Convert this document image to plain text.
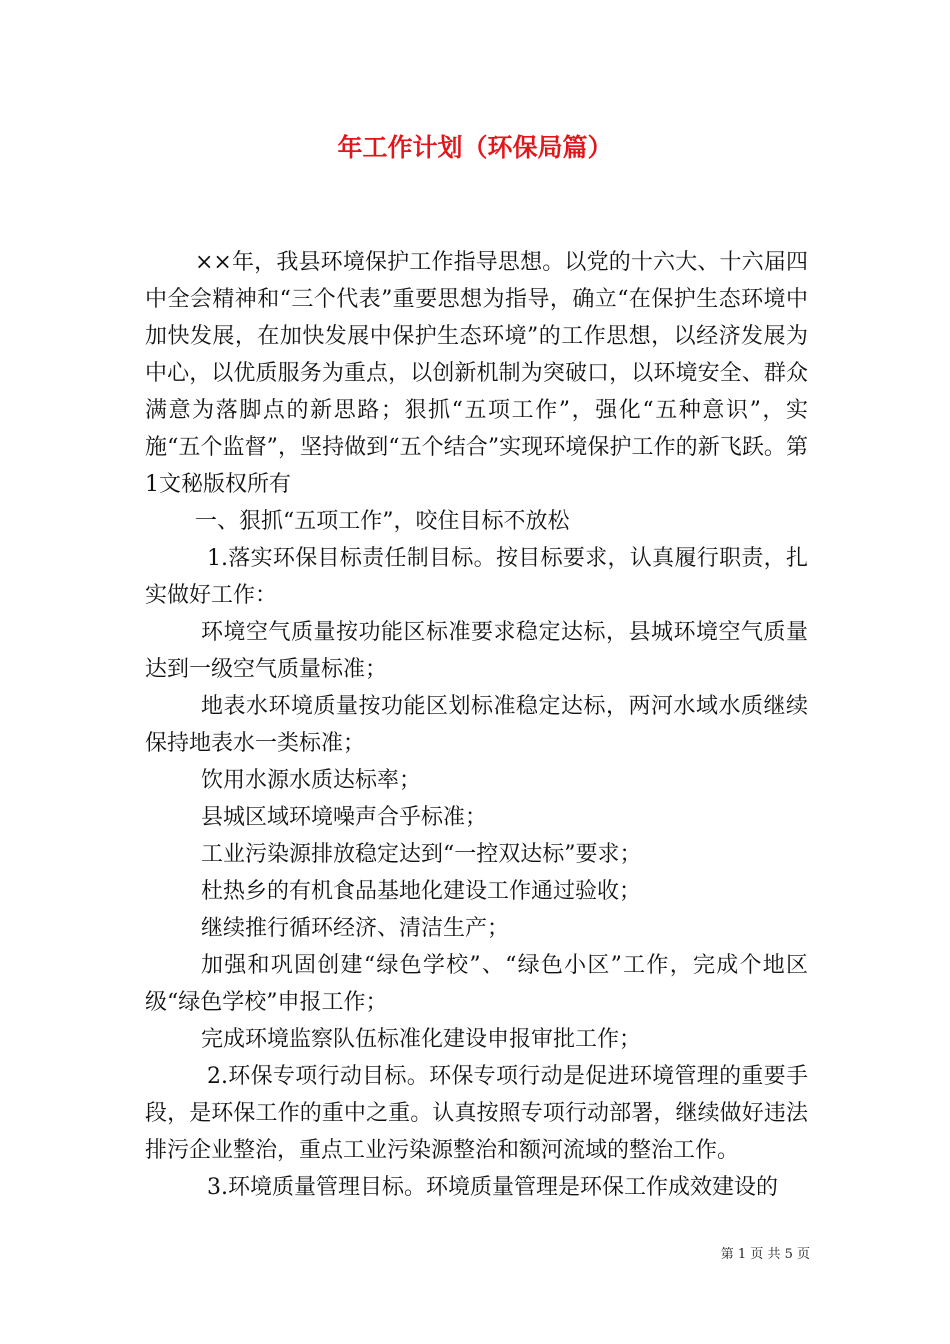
年工作计划（环保局篇）

××年，我县环境保护工作指导思想。以党的十六大、十六届四中全会精神和“三个代表”重要思想为指导，确立“在保护生态环境中加快发展，在加快发展中保护生态环境”的工作思想，以经济发展为中心，以优质服务为重点，以创新机制为突破口，以环境安全、群众满意为落脚点的新思路；狠抓“五项工作”，强化“五种意识”，实施“五个监督”，坚持做到“五个结合”实现环境保护工作的新飞跃。第1文秘版权所有

一、狠抓“五项工作”，咬住目标不放松

1.落实环保目标责任制目标。按目标要求，认真履行职责，扎实做好工作：

环境空气质量按功能区标准要求稳定达标，县城环境空气质量达到一级空气质量标准；

地表水环境质量按功能区划标准稳定达标，两河水域水质继续保持地表水一类标准；

饮用水源水质达标率；

县城区域环境噪声合乎标准；

工业污染源排放稳定达到“一控双达标”要求；

杜热乡的有机食品基地化建设工作通过验收；

继续推行循环经济、清洁生产；

加强和巩固创建“绿色学校”、“绿色小区”工作，完成个地区级“绿色学校”申报工作；

完成环境监察队伍标准化建设申报审批工作；

2.环保专项行动目标。环保专项行动是促进环境管理的重要手段，是环保工作的重中之重。认真按照专项行动部署，继续做好违法排污企业整治，重点工业污染源整治和额河流域的整治工作。

3.环境质量管理目标。环境质量管理是环保工作成效建设的

第 1 页 共 5 页
